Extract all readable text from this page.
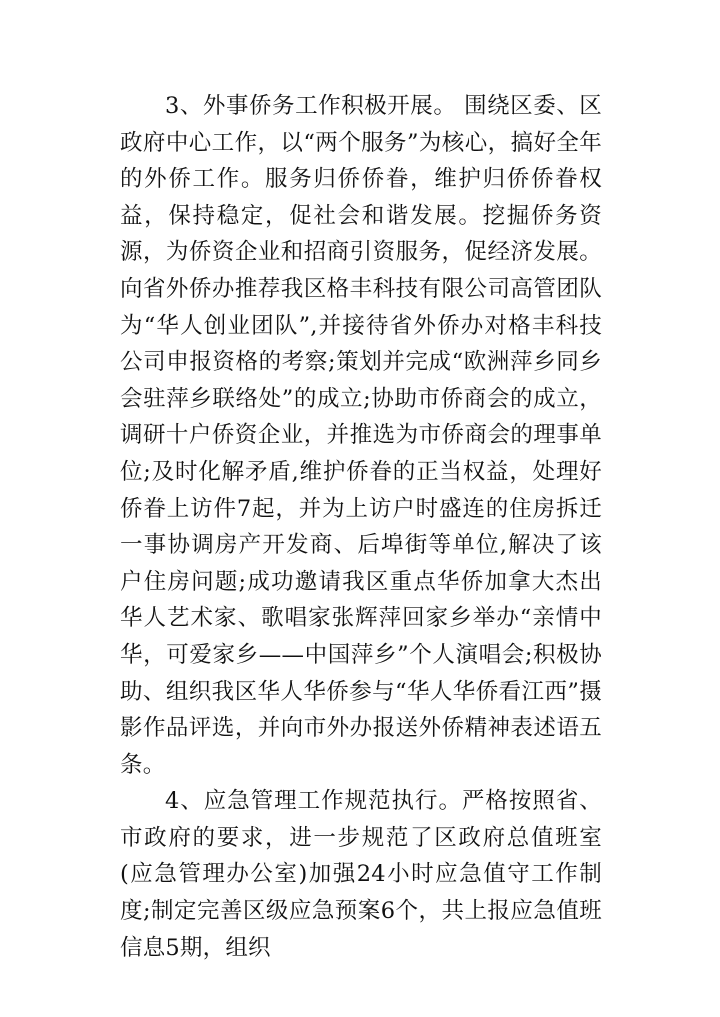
3、外事侨务工作积极开展。 围绕区委、区政府中心工作，以“两个服务”为核心，搞好全年的外侨工作。服务归侨侨眷，维护归侨侨眷权益，保持稳定，促社会和谐发展。挖掘侨务资源，为侨资企业和招商引资服务，促经济发展。向省外侨办推荐我区格丰科技有限公司高管团队为“华人创业团队”,并接待省外侨办对格丰科技公司申报资格的考察;策划并完成“欧洲萍乡同乡会驻萍乡联络处”的成立;协助市侨商会的成立，调研十户侨资企业，并推选为市侨商会的理事单位;及时化解矛盾,维护侨眷的正当权益，处理好侨眷上访件7起，并为上访户时盛连的住房拆迁一事协调房产开发商、后埠街等单位,解决了该户住房问题;成功邀请我区重点华侨加拿大杰出华人艺术家、歌唱家张辉萍回家乡举办“亲情中华，可爱家乡——中国萍乡”个人演唱会;积极协助、组织我区华人华侨参与“华人华侨看江西”摄影作品评选，并向市外办报送外侨精神表述语五条。

4、应急管理工作规范执行。严格按照省、市政府的要求，进一步规范了区政府总值班室(应急管理办公室)加强24小时应急值守工作制度;制定完善区级应急预案6个，共上报应急值班信息5期，组织
